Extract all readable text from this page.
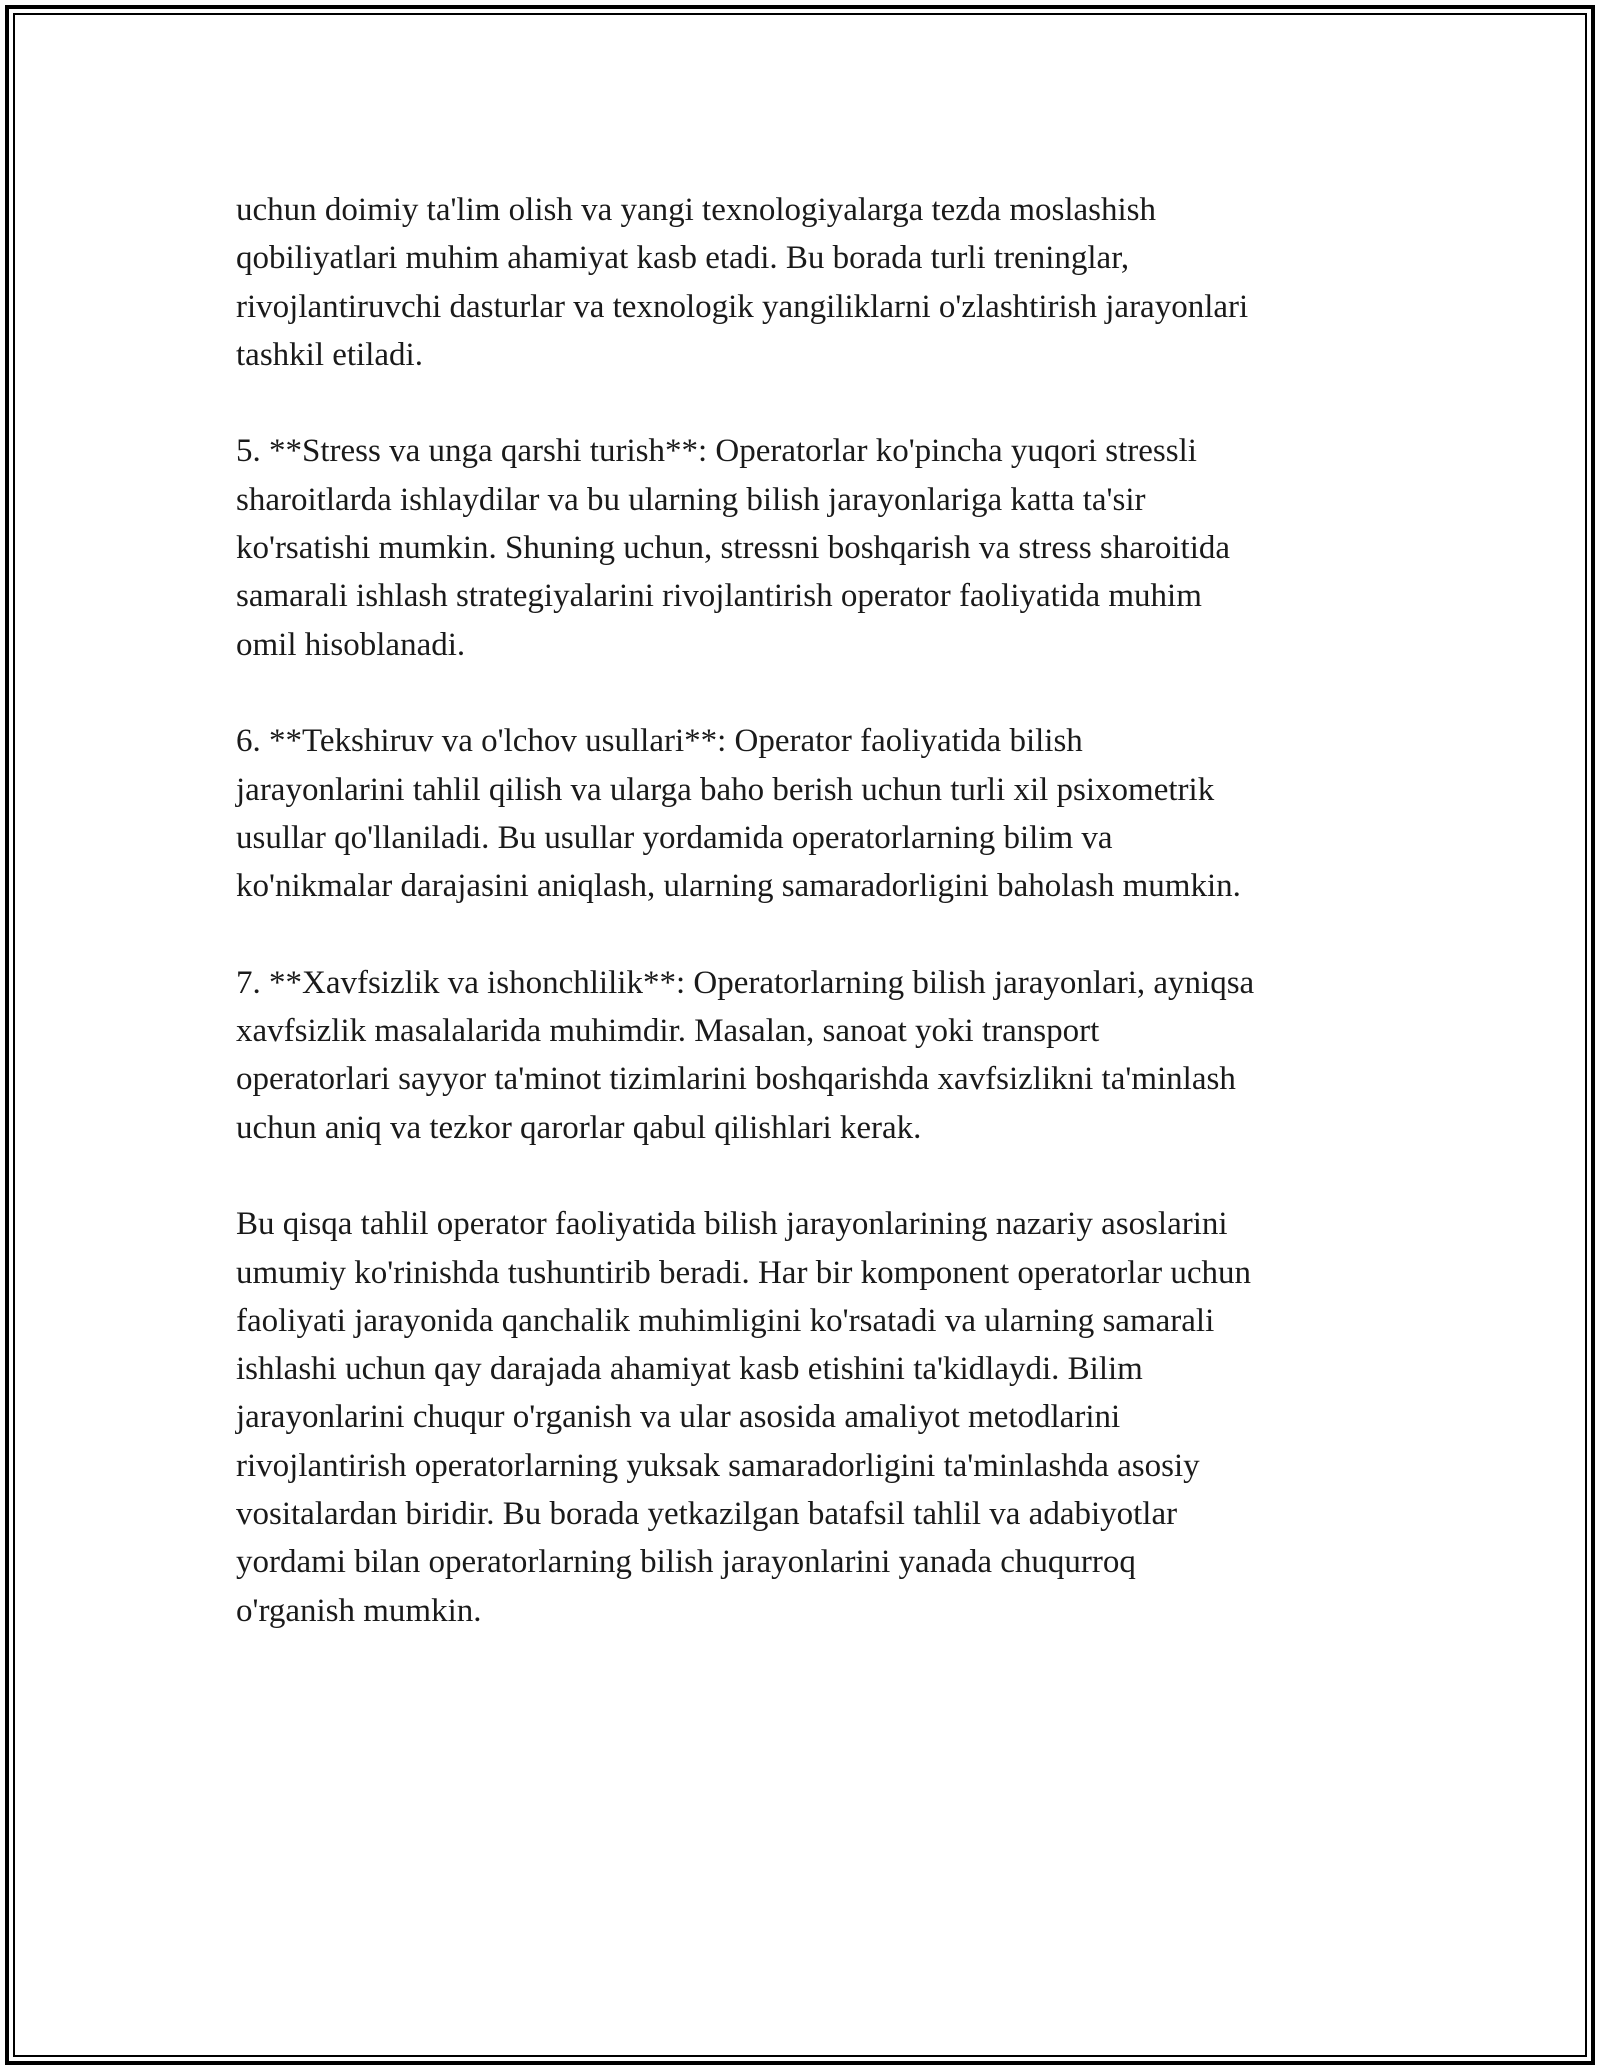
uchun doimiy ta'lim olish va yangi texnologiyalarga tezda moslashish
qobiliyatlari muhim ahamiyat kasb etadi. Bu borada turli treninglar,
rivojlantiruvchi dasturlar va texnologik yangiliklarni o'zlashtirish jarayonlari
tashkil etiladi.

5. **Stress va unga qarshi turish**: Operatorlar ko'pincha yuqori stressli
sharoitlarda ishlaydilar va bu ularning bilish jarayonlariga katta ta'sir
ko'rsatishi mumkin. Shuning uchun, stressni boshqarish va stress sharoitida
samarali ishlash strategiyalarini rivojlantirish operator faoliyatida muhim
omil hisoblanadi.

6. **Tekshiruv va o'lchov usullari**: Operator faoliyatida bilish
jarayonlarini tahlil qilish va ularga baho berish uchun turli xil psixometrik
usullar qo'llaniladi. Bu usullar yordamida operatorlarning bilim va
ko'nikmalar darajasini aniqlash, ularning samaradorligini baholash mumkin.

7. **Xavfsizlik va ishonchlilik**: Operatorlarning bilish jarayonlari, ayniqsa
xavfsizlik masalalarida muhimdir. Masalan, sanoat yoki transport
operatorlari sayyor ta'minot tizimlarini boshqarishda xavfsizlikni ta'minlash
uchun aniq va tezkor qarorlar qabul qilishlari kerak.

Bu qisqa tahlil operator faoliyatida bilish jarayonlarining nazariy asoslarini
umumiy ko'rinishda tushuntirib beradi. Har bir komponent operatorlar uchun
faoliyati jarayonida qanchalik muhimligini ko'rsatadi va ularning samarali
ishlashi uchun qay darajada ahamiyat kasb etishini ta'kidlaydi. Bilim
jarayonlarini chuqur o'rganish va ular asosida amaliyot metodlarini
rivojlantirish operatorlarning yuksak samaradorligini ta'minlashda asosiy
vositalardan biridir. Bu borada yetkazilgan batafsil tahlil va adabiyotlar
yordami bilan operatorlarning bilish jarayonlarini yanada chuqurroq
o'rganish mumkin.
